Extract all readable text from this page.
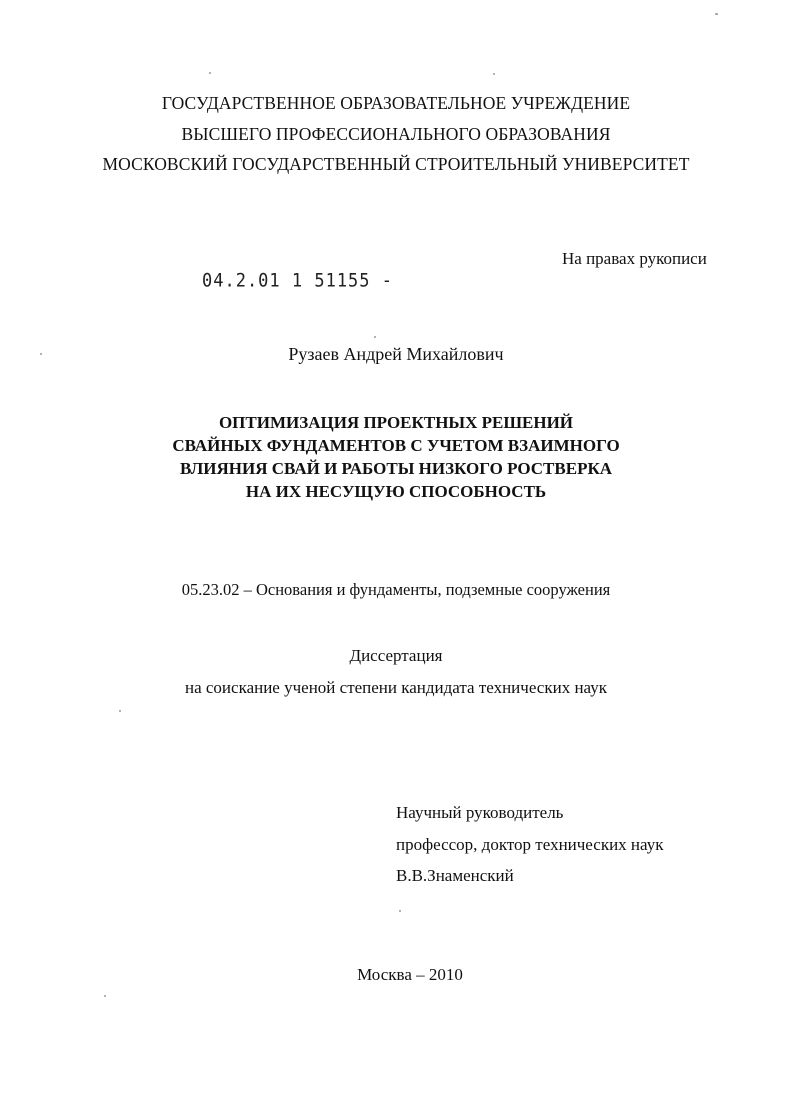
ГОСУДАРСТВЕННОЕ ОБРАЗОВАТЕЛЬНОЕ УЧРЕЖДЕНИЕ
ВЫСШЕГО ПРОФЕССИОНАЛЬНОГО ОБРАЗОВАНИЯ
МОСКОВСКИЙ ГОСУДАРСТВЕННЫЙ СТРОИТЕЛЬНЫЙ УНИВЕРСИТЕТ
На правах рукописи
04.2.01 1 51155 -
Рузаев Андрей Михайлович
ОПТИМИЗАЦИЯ ПРОЕКТНЫХ РЕШЕНИЙ
СВАЙНЫХ ФУНДАМЕНТОВ С УЧЕТОМ ВЗАИМНОГО
ВЛИЯНИЯ СВАЙ И РАБОТЫ НИЗКОГО РОСТВЕРКА
НА ИХ НЕСУЩУЮ СПОСОБНОСТЬ
05.23.02 – Основания и фундаменты, подземные сооружения
Диссертация
на соискание ученой степени кандидата технических наук
Научный руководитель
профессор, доктор технических наук
В.В.Знаменский
Москва – 2010
